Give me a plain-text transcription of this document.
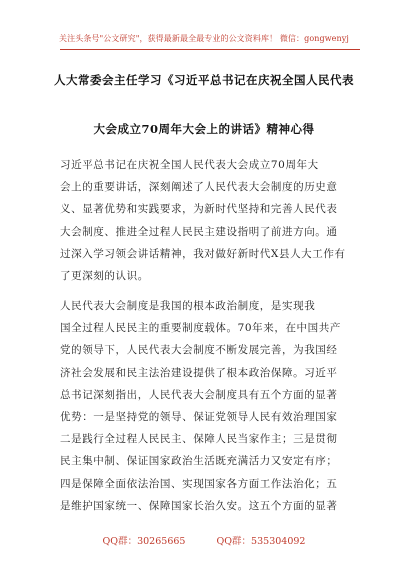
关注头条号"公文研究"，获得最新最全最专业的公文资料库！ 微信：gongwenyj
人大常委会主任学习《习近平总书记在庆祝全国人民代表
大会成立70周年大会上的讲话》精神心得
习近平总书记在庆祝全国人民代表大会成立70周年大
会上的重要讲话，深刻阐述了人民代表大会制度的历史意
义、显著优势和实践要求，为新时代坚持和完善人民代表
大会制度、推进全过程人民民主建设指明了前进方向。通
过深入学习领会讲话精神，我对做好新时代X县人大工作有
了更深刻的认识。
人民代表大会制度是我国的根本政治制度，是实现我
国全过程人民民主的重要制度载体。70年来，在中国共产
党的领导下，人民代表大会制度不断发展完善，为我国经
济社会发展和民主法治建设提供了根本政治保障。习近平
总书记深刻指出，人民代表大会制度具有五个方面的显著
优势：一是坚持党的领导、保证党领导人民有效治理国家
二是践行全过程人民民主、保障人民当家作主；三是贯彻
民主集中制、保证国家政治生活既充满活力又安定有序；
四是保障全面依法治国、实现国家各方面工作法治化；五
是维护国家统一、保障国家长治久安。这五个方面的显著
QQ群：30265665	QQ群：535304092
